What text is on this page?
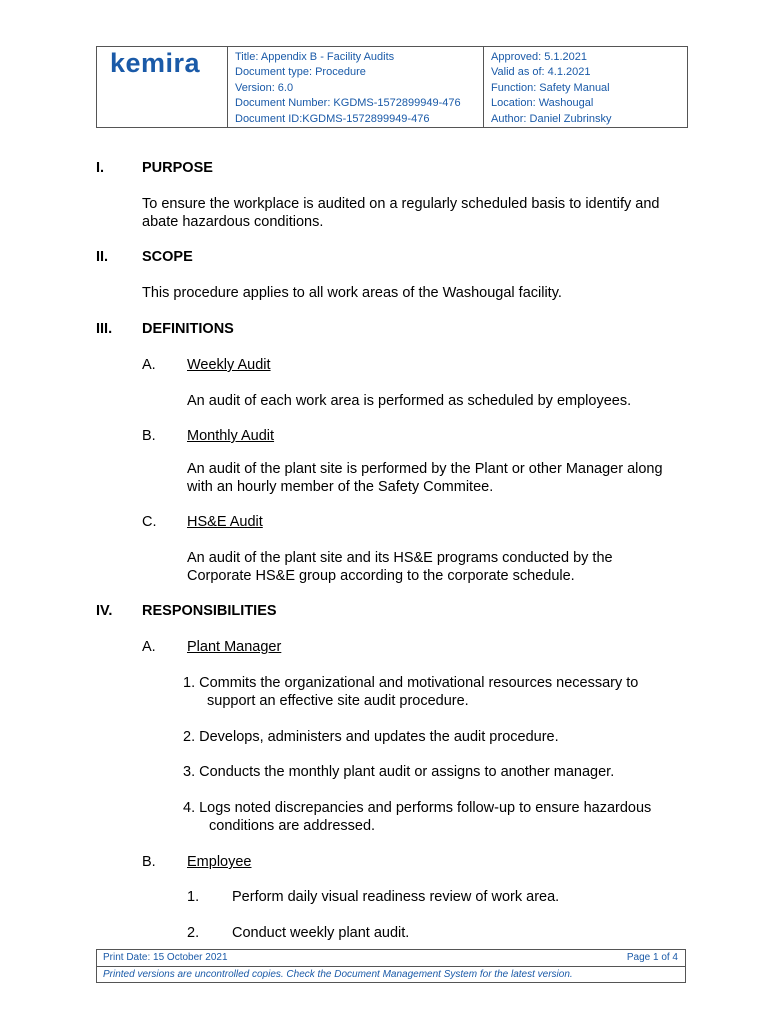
kemira	Title: Appendix B - Facility Audits
Document type: Procedure
Version: 6.0
Document Number: KGDMS-1572899949-476
Document ID:KGDMS-1572899949-476
Approved: 5.1.2021
Valid as of: 4.1.2021
Function: Safety Manual
Location: Washougal
Author: Daniel Zubrinsky
I.	PURPOSE
To ensure the workplace is audited on a regularly scheduled basis to identify and
abate hazardous conditions.
II. SCOPE
This procedure applies to all work areas of the Washougal facility.
III. DEFINITIONS
A. Weekly Audit
An audit of each work area is performed as scheduled by employees.
B. Monthly Audit
An audit of the plant site is performed by the Plant or other Manager along
with an hourly member of the Safety Commitee.
C. HS&E Audit
An audit of the plant site and its HS&E programs conducted by the
Corporate HS&E group according to the corporate schedule.
IV. RESPONSIBILITIES
A. Plant Manager
1. Commits the organizational and motivational resources necessary to
support an effective site audit procedure.
2. Develops, administers and updates the audit procedure.
3. Conducts the monthly plant audit or assigns to another manager.
4. Logs noted discrepancies and performs follow-up to ensure hazardous
conditions are addressed.
B. Employee
1. Perform daily visual readiness review of work area.
2. Conduct weekly plant audit.
Print Date: 15 October 2021	Page 1 of 4
Printed versions are uncontrolled copies. Check the Document Management System for the latest version.
